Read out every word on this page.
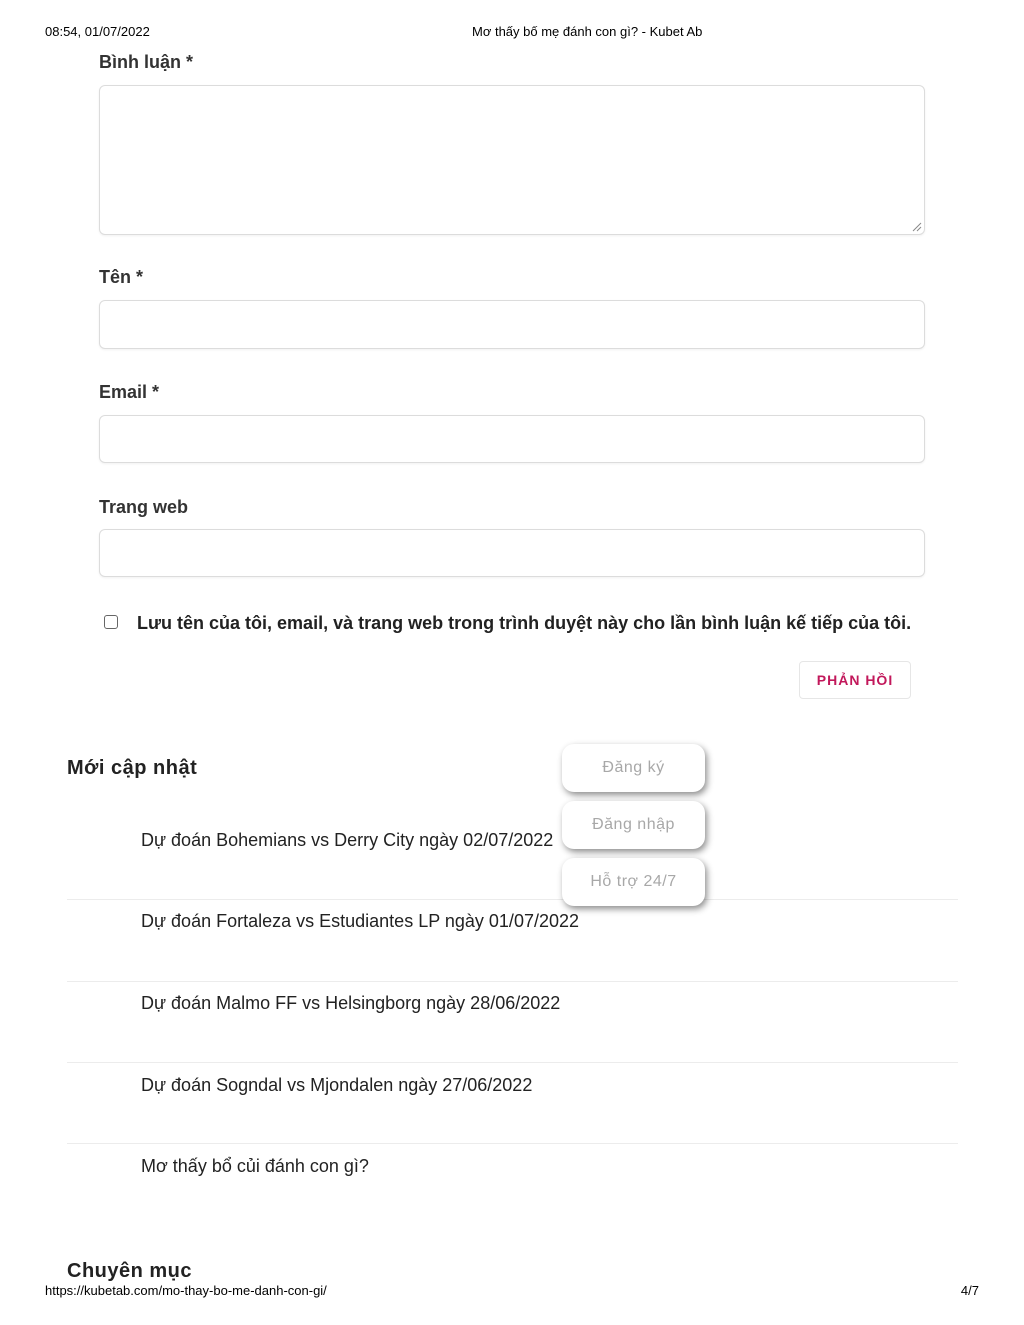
08:54, 01/07/2022	Mơ thấy bố mẹ đánh con gì? - Kubet Ab
Bình luận *
Tên *
Email *
Trang web
Lưu tên của tôi, email, và trang web trong trình duyệt này cho lần bình luận kế tiếp của tôi.
PHẢN HỒI
Mới cập nhật
Dự đoán Bohemians vs Derry City ngày 02/07/2022
Dự đoán Fortaleza vs Estudiantes LP ngày 01/07/2022
Dự đoán Malmo FF vs Helsingborg ngày 28/06/2022
Dự đoán Sogndal vs Mjondalen ngày 27/06/2022
Mơ thấy bổ củi đánh con gì?
Đăng ký
Đăng nhập
Hỗ trợ 24/7
Chuyên mục
https://kubetab.com/mo-thay-bo-me-danh-con-gi/	4/7
